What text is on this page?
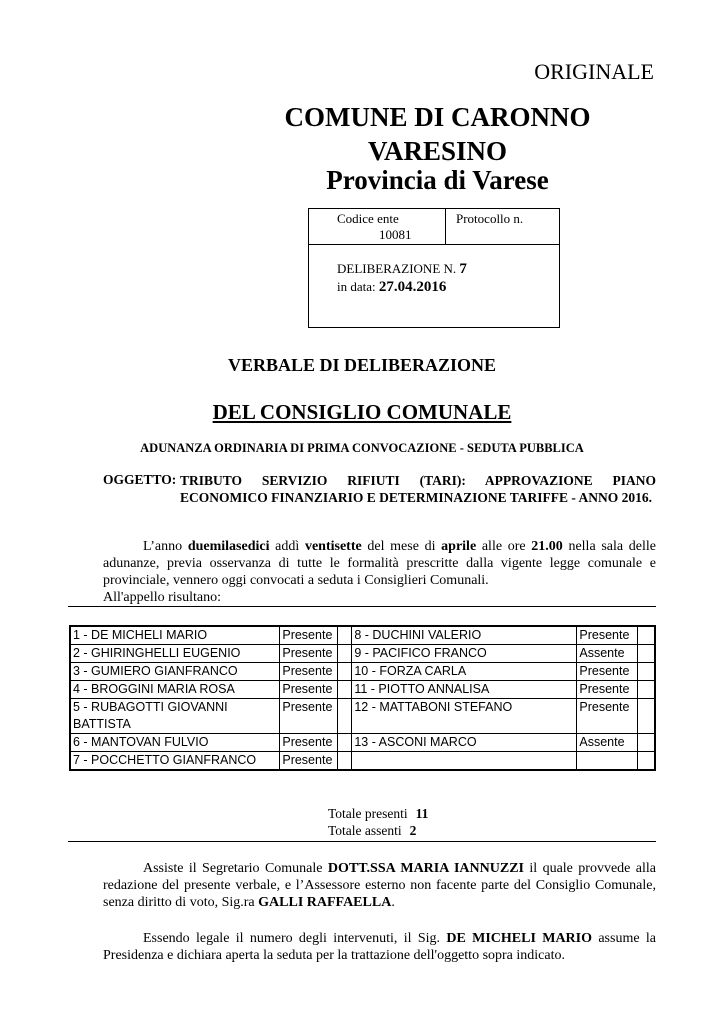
ORIGINALE
COMUNE DI CARONNO
VARESINO
Provincia di Varese
Codice ente
10081
Protocollo n.
DELIBERAZIONE N. 7
in data: 27.04.2016
VERBALE DI DELIBERAZIONE
DEL CONSIGLIO COMUNALE
ADUNANZA ORDINARIA DI PRIMA CONVOCAZIONE - SEDUTA PUBBLICA
OGGETTO: TRIBUTO SERVIZIO RIFIUTI (TARI): APPROVAZIONE PIANO ECONOMICO FINANZIARIO E DETERMINAZIONE TARIFFE - ANNO 2016.
L’anno duemilasedici addì ventisette del mese di aprile alle ore 21.00 nella sala delle adunanze, previa osservanza di tutte le formalità prescritte dalla vigente legge comunale e provinciale, vennero oggi convocati a seduta i Consiglieri Comunali.
All'appello risultano:
1 - DE MICHELI MARIO	Presente		8 - DUCHINI VALERIO	Presente	
2 - GHIRINGHELLI EUGENIO	Presente		9 - PACIFICO FRANCO	Assente	
3 - GUMIERO GIANFRANCO	Presente		10 - FORZA CARLA	Presente	
4 - BROGGINI MARIA ROSA	Presente		11 - PIOTTO ANNALISA	Presente	
5 - RUBAGOTTI GIOVANNI BATTISTA	Presente		12 - MATTABONI STEFANO	Presente	
6 - MANTOVAN FULVIO	Presente		13 - ASCONI MARCO	Assente	
7 - POCCHETTO GIANFRANCO	Presente				
Totale presenti 11
Totale assenti 2
Assiste il Segretario Comunale DOTT.SSA MARIA IANNUZZI il quale provvede alla redazione del presente verbale, e l’Assessore esterno non facente parte del Consiglio Comunale, senza diritto di voto, Sig.ra GALLI RAFFAELLA.
Essendo legale il numero degli intervenuti, il Sig. DE MICHELI MARIO assume la Presidenza e dichiara aperta la seduta per la trattazione dell'oggetto sopra indicato.
